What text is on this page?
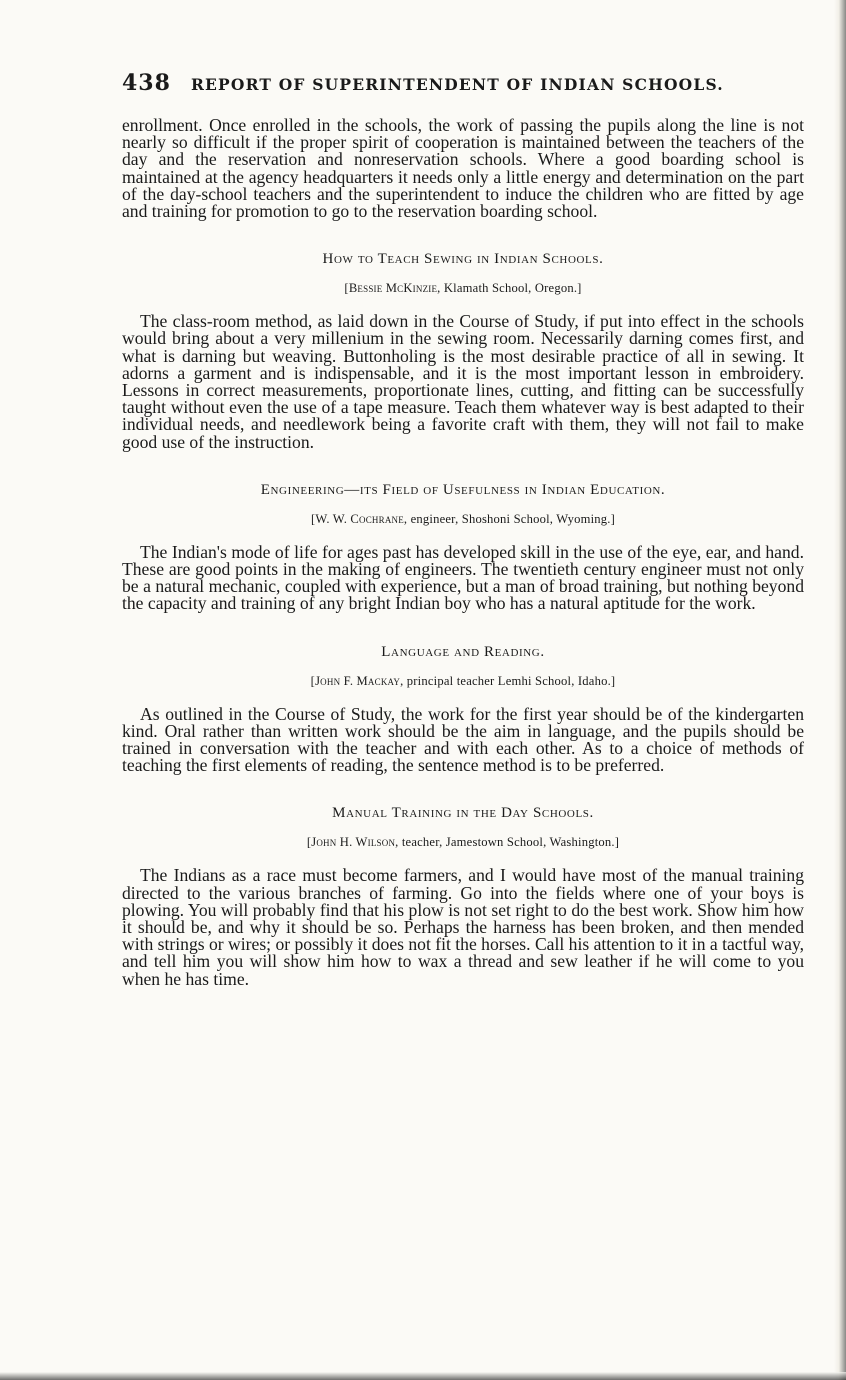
438 REPORT OF SUPERINTENDENT OF INDIAN SCHOOLS.

enrollment. Once enrolled in the schools, the work of passing the pupils along the line is not nearly so difficult if the proper spirit of cooperation is maintained between the teachers of the day and the reservation and nonreservation schools. Where a good boarding school is maintained at the agency headquarters it needs only a little energy and determination on the part of the day-school teachers and the superintendent to induce the children who are fitted by age and training for promotion to go to the reservation boarding school.

How to Teach Sewing in Indian Schools.
[Bessie McKinzie, Klamath School, Oregon.]

The class-room method, as laid down in the Course of Study, if put into effect in the schools would bring about a very millenium in the sewing room. Necessarily darning comes first, and what is darning but weaving. Buttonholing is the most desirable practice of all in sewing. It adorns a garment and is indispensable, and it is the most important lesson in embroidery. Lessons in correct measurements, proportionate lines, cutting, and fitting can be successfully taught without even the use of a tape measure. Teach them whatever way is best adapted to their individual needs, and needlework being a favorite craft with them, they will not fail to make good use of the instruction.

Engineering—its Field of Usefulness in Indian Education.
[W. W. Cochrane, engineer, Shoshoni School, Wyoming.]

The Indian's mode of life for ages past has developed skill in the use of the eye, ear, and hand. These are good points in the making of engineers. The twentieth century engineer must not only be a natural mechanic, coupled with experience, but a man of broad training, but nothing beyond the capacity and training of any bright Indian boy who has a natural aptitude for the work.

Language and Reading.
[John F. Mackay, principal teacher Lemhi School, Idaho.]

As outlined in the Course of Study, the work for the first year should be of the kindergarten kind. Oral rather than written work should be the aim in language, and the pupils should be trained in conversation with the teacher and with each other. As to a choice of methods of teaching the first elements of reading, the sentence method is to be preferred.

Manual Training in the Day Schools.
[John H. Wilson, teacher, Jamestown School, Washington.]

The Indians as a race must become farmers, and I would have most of the manual training directed to the various branches of farming. Go into the fields where one of your boys is plowing. You will probably find that his plow is not set right to do the best work. Show him how it should be, and why it should be so. Perhaps the harness has been broken, and then mended with strings or wires; or possibly it does not fit the horses. Call his attention to it in a tactful way, and tell him you will show him how to wax a thread and sew leather if he will come to you when he has time.
